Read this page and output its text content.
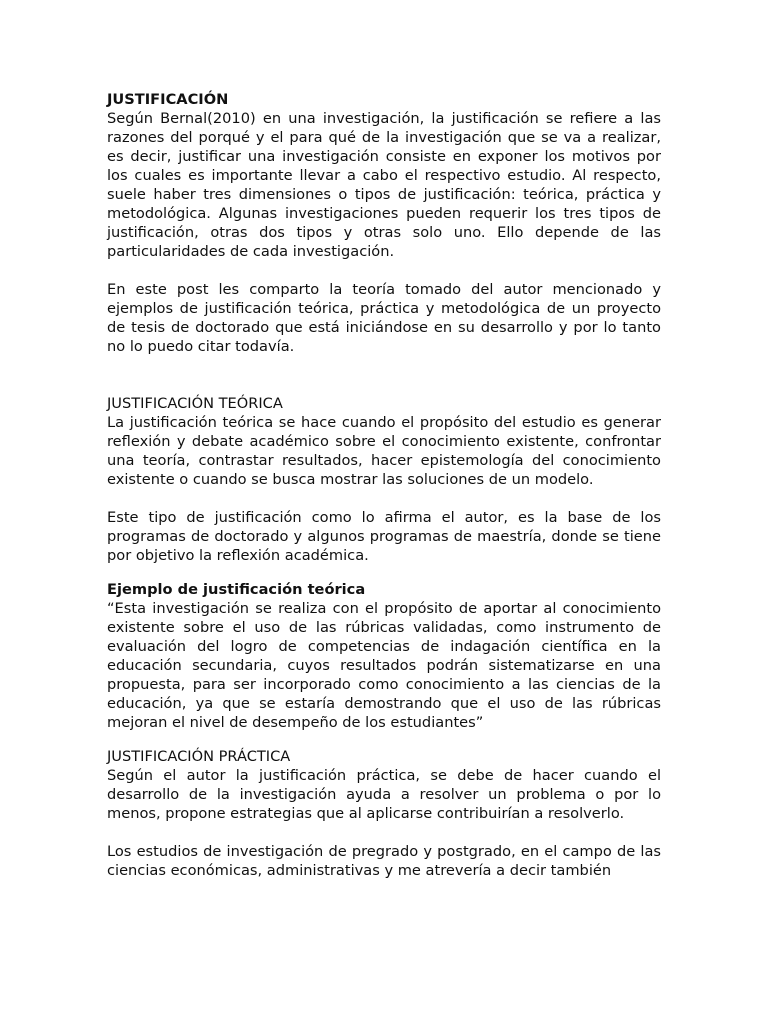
JUSTIFICACIÓN

Según Bernal(2010) en una investigación, la justificación se refiere a las razones del porqué y el para qué de la investigación que se va a realizar, es decir, justificar una investigación consiste en exponer los motivos por los cuales es importante llevar a cabo el respectivo estudio. Al respecto, suele haber tres dimensiones o tipos de justificación: teórica, práctica y metodológica. Algunas investigaciones pueden requerir los tres tipos de justificación, otras dos tipos y otras solo uno. Ello depende de las particularidades de cada investigación.

En este post les comparto la teoría tomado del autor mencionado y ejemplos de justificación teórica, práctica y metodológica de un proyecto de tesis de doctorado que está iniciándose en su desarrollo y por lo tanto no lo puedo citar todavía.

JUSTIFICACIÓN TEÓRICA

La justificación teórica se hace cuando el propósito del estudio es generar reflexión y debate académico sobre el conocimiento existente, confrontar una teoría, contrastar resultados, hacer epistemología del conocimiento existente o cuando se busca mostrar las soluciones de un modelo.

Este tipo de justificación como lo afirma el autor, es la base de los programas de doctorado y algunos programas de maestría, donde se tiene por objetivo la reflexión académica.

Ejemplo de justificación teórica

“Esta investigación se realiza con el propósito de aportar al conocimiento existente sobre el uso de las rúbricas validadas, como instrumento de evaluación del logro de competencias de indagación científica en la educación secundaria, cuyos resultados podrán sistematizarse en una propuesta, para ser incorporado como conocimiento a las ciencias de la educación, ya que se estaría demostrando que el uso de las rúbricas mejoran el nivel de desempeño de los estudiantes”

JUSTIFICACIÓN PRÁCTICA

Según el autor la justificación práctica, se debe de hacer cuando el desarrollo de la investigación ayuda a resolver un problema o por lo menos, propone estrategias que al aplicarse contribuirían a resolverlo.

Los estudios de investigación de pregrado y postgrado, en el campo de las ciencias económicas, administrativas y me atrevería a decir también
